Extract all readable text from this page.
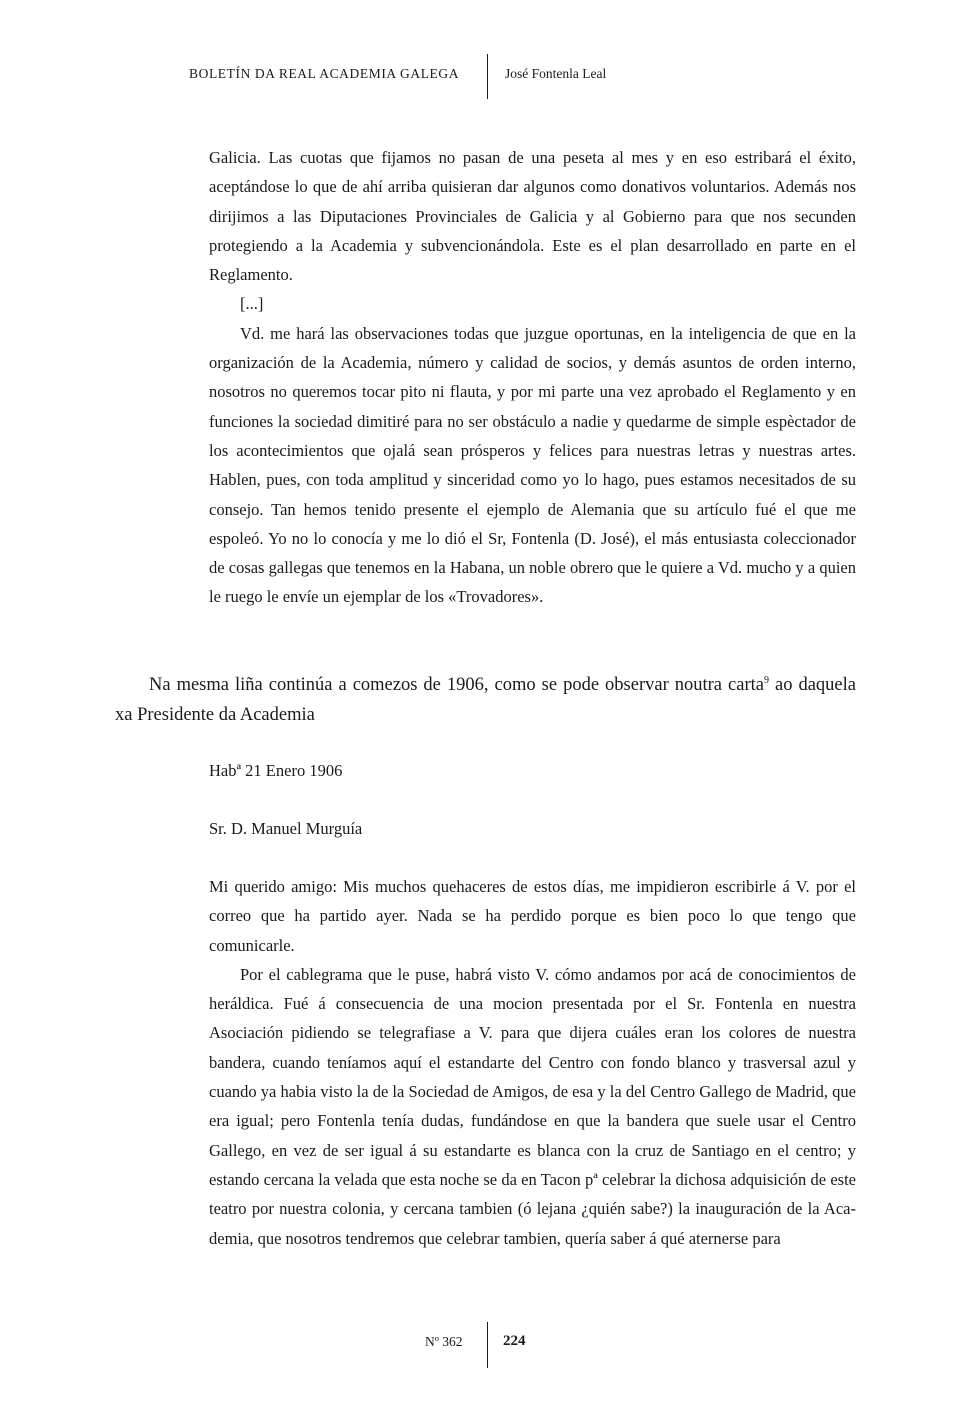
BOLETÍN DA REAL ACADEMIA GALEGA	José Fontenla Leal

Galicia. Las cuotas que fijamos no pasan de una peseta al mes y en eso estribará el éxito, aceptándose lo que de ahí arriba quisieran dar algunos como donativos voluntarios. Además nos dirijimos a las Diputaciones Provinciales de Galicia y al Gobierno para que nos secunden protegiendo a la Academia y subvencionándola. Este es el plan desarrollado en parte en el Reglamento.

[...]

Vd. me hará las observaciones todas que juzgue oportunas, en la inteligencia de que en la organización de la Academia, número y calidad de socios, y demás asuntos de orden interno, nosotros no queremos tocar pito ni flauta, y por mi parte una vez aprobado el Reglamento y en funciones la sociedad dimitiré para no ser obstáculo a nadie y quedarme de simple espèctador de los acontecimientos que ojalá sean prósperos y felices para nuestras letras y nuestras artes. Hablen, pues, con toda amplitud y sinceridad como yo lo hago, pues estamos necesitados de su consejo. Tan hemos tenido presente el ejemplo de Alemania que su artículo fué el que me espoleó. Yo no lo conocía y me lo dió el Sr, Fontenla (D. José), el más entusiasta coleccionador de cosas gallegas que tenemos en la Habana, un noble obrero que le quiere a Vd. mucho y a quien le ruego le envíe un ejemplar de los «Trovadores».

Na mesma liña continúa a comezos de 1906, como se pode observar noutra carta$^9$ ao daquela xa Presidente da Academia

Habª 21 Enero 1906
Sr. D. Manuel Murguía

Mi querido amigo: Mis muchos quehaceres de estos días, me impidieron escribirle á V. por el correo que ha partido ayer. Nada se ha perdido porque es bien poco lo que tengo que comunicarle.

Por el cablegrama que le puse, habrá visto V. cómo andamos por acá de conocimientos de heráldica. Fué á consecuencia de una mocion presentada por el Sr. Fontenla en nuestra Asociación pidiendo se telegrafiase a V. para que dijera cuáles eran los colores de nuestra bandera, cuando teníamos aquí el estandarte del Centro con fondo blanco y trasversal azul y cuando ya habia visto la de la Sociedad de Amigos, de esa y la del Centro Gallego de Madrid, que era igual; pero Fontenla tenía dudas, fundándose en que la bandera que suele usar el Centro Gallego, en vez de ser igual á su estandarte es blanca con la cruz de Santiago en el centro; y estando cercana la velada que esta noche se da en Tacon pª celebrar la dichosa adquisición de este teatro por nuestra colonia, y cercana tambien (ó lejana ¿quién sabe?) la inauguración de la Academia, que nosotros tendremos que celebrar tambien, quería saber á qué aternerse para

Nº 362	224
